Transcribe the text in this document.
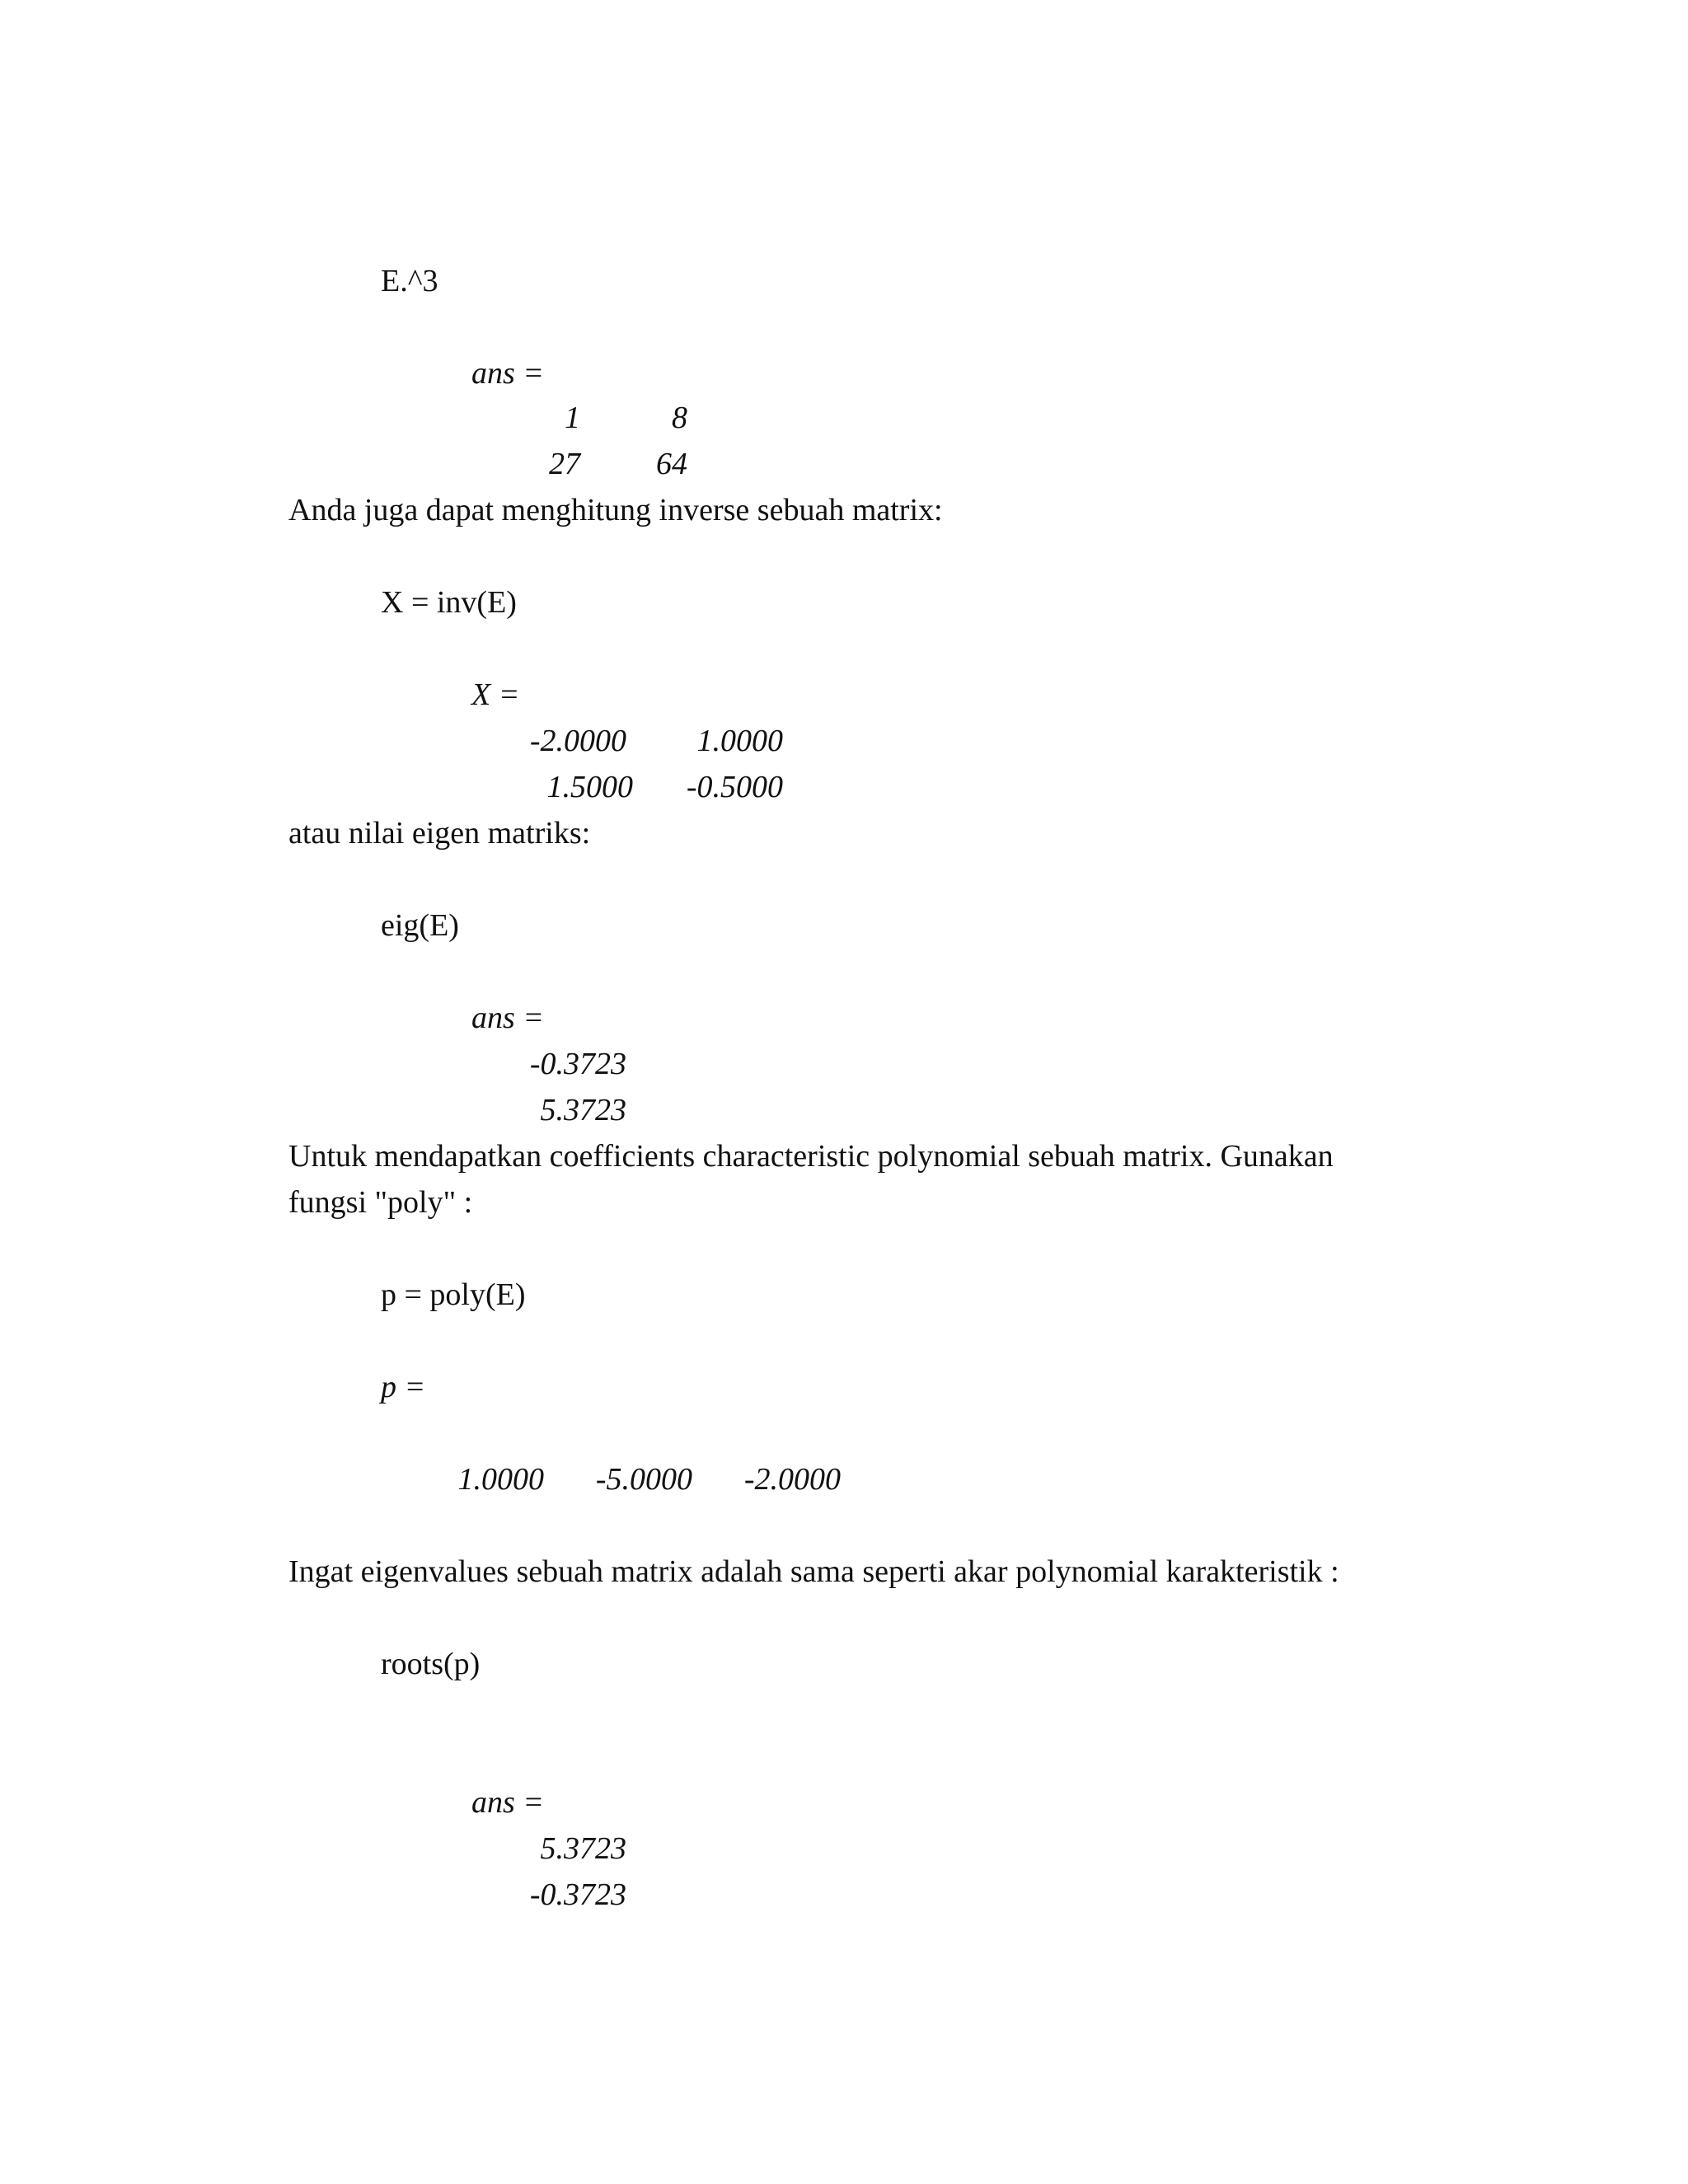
E.^3
ans =
1	8
27	64
Anda juga dapat menghitung inverse sebuah matrix:
X = inv(E)
X =
-2.0000	1.0000
1.5000	-0.5000
atau nilai eigen matriks:
eig(E)
ans =
-0.3723
5.3723
Untuk mendapatkan coefficients characteristic polynomial sebuah matrix. Gunakan
fungsi "poly" :
p = poly(E)
p =
1.0000	-5.0000	-2.0000
Ingat eigenvalues sebuah matrix adalah sama seperti akar polynomial karakteristik :
roots(p)
ans =
5.3723
-0.3723
